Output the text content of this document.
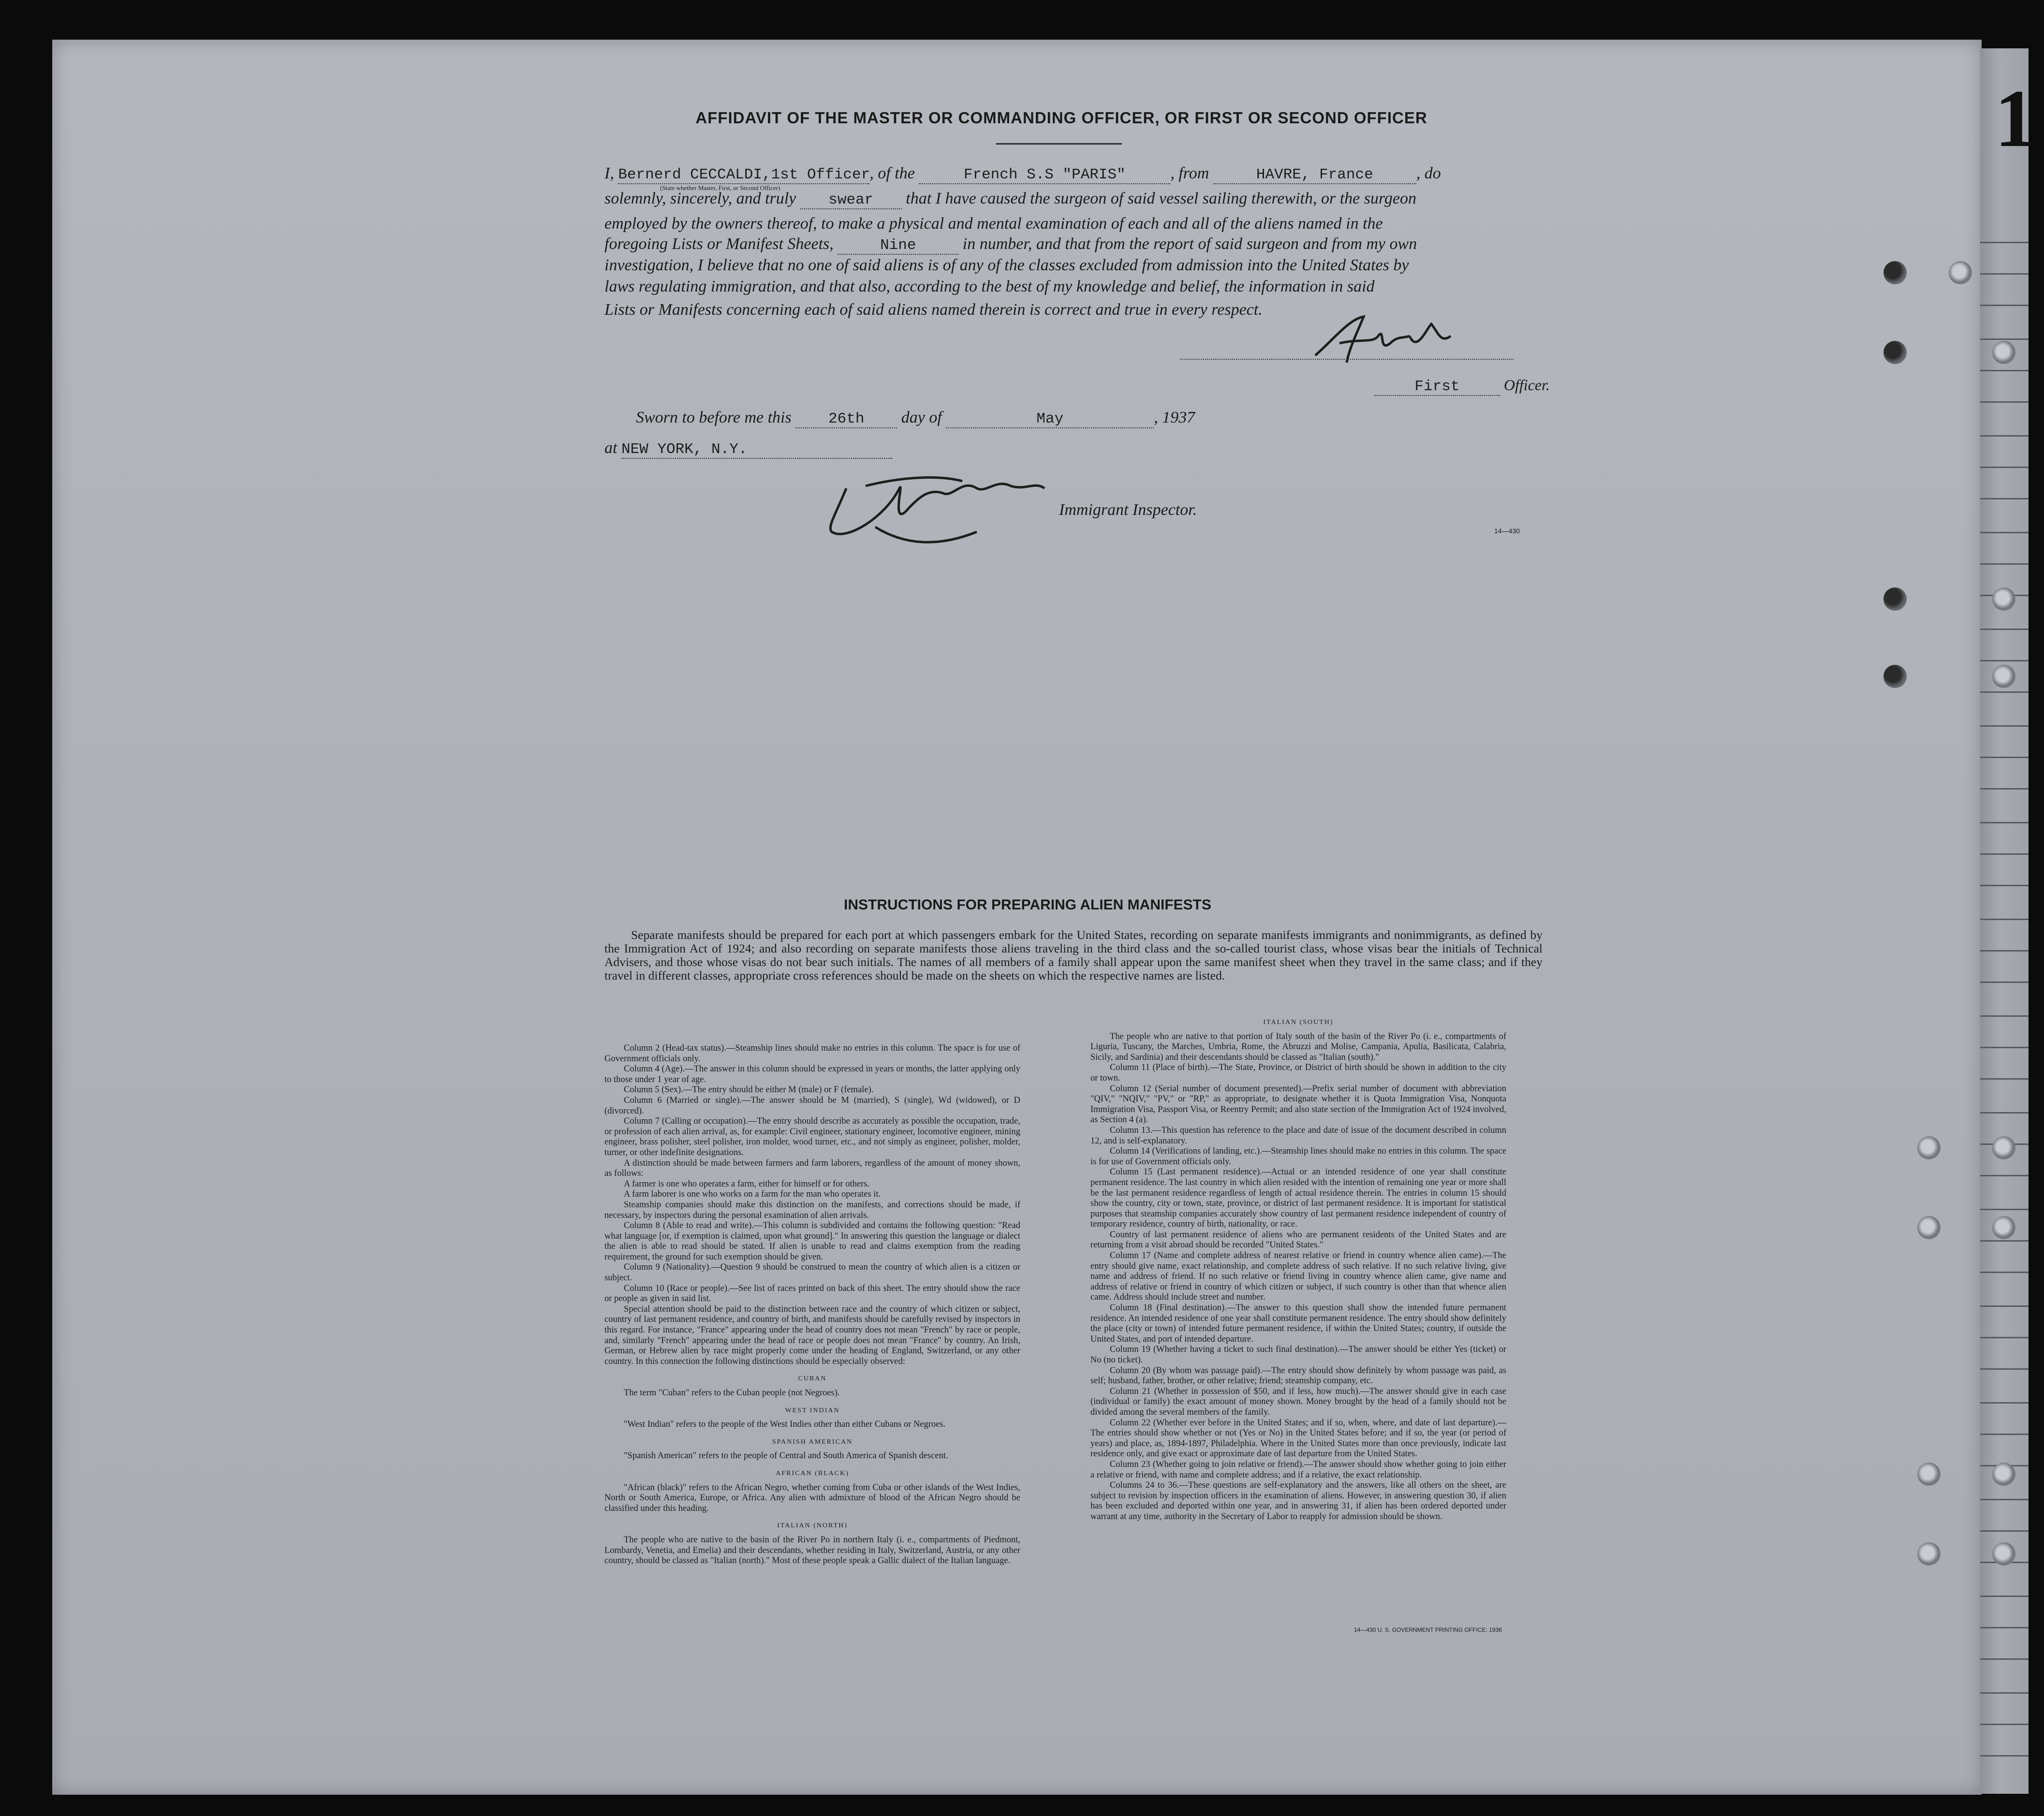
1
AFFIDAVIT OF THE MASTER OR COMMANDING OFFICER, OR FIRST OR SECOND OFFICER
I, Bernerd CECCALDI,1st Officer, of the	French S.S "PARIS"	, from	HAVRE, France	, do
(State whether Master, First, or Second Officer)
solemnly, sincerely, and truly swear that I have caused the surgeon of said vessel sailing therewith, or the surgeon
employed by the owners thereof, to make a physical and mental examination of each and all of the aliens named in the
foregoing Lists or Manifest Sheets,	Nine	in number, and that from the report of said surgeon and from my own
investigation, I believe that no one of said aliens is of any of the classes excluded from admission into the United States by
laws regulating immigration, and that also, according to the best of my knowledge and belief, the information in said
Lists or Manifests concerning each of said aliens named therein is correct and true in every respect.
First	Officer.
Sworn to before me this 26th day of	May	, 1937
at NEW YORK, N.Y.
Immigrant Inspector.
14—430
INSTRUCTIONS FOR PREPARING ALIEN MANIFESTS
Separate manifests should be prepared for each port at which passengers embark for the United States, recording on separate manifests immigrants and nonimmigrants, as defined by the Immigration Act of 1924; and also recording on separate manifests those aliens traveling in the third class and the so-called tourist class, whose visas bear the initials of Technical Advisers, and those whose visas do not bear such initials. The names of all members of a family shall appear upon the same manifest sheet when they travel in the same class; and if they travel in different classes, appropriate cross references should be made on the sheets on which the respective names are listed.

Column 2 (Head-tax status).—Steamship lines should make no entries in this column. The space is for use of Government officials only.

Column 4 (Age).—The answer in this column should be expressed in years or months, the latter applying only to those under 1 year of age.

Column 5 (Sex).—The entry should be either M (male) or F (female).

Column 6 (Married or single).—The answer should be M (married), S (single), Wd (widowed), or D (divorced).

Column 7 (Calling or occupation).—The entry should describe as accurately as possible the occupation, trade, or profession of each alien arrival, as, for example: Civil engineer, stationary engineer, locomotive engineer, mining engineer, brass polisher, steel polisher, iron molder, wood turner, etc., and not simply as engineer, polisher, molder, turner, or other indefinite designations.

A distinction should be made between farmers and farm laborers, regardless of the amount of money shown, as follows:

A farmer is one who operates a farm, either for himself or for others.

A farm laborer is one who works on a farm for the man who operates it.

Steamship companies should make this distinction on the manifests, and corrections should be made, if necessary, by inspectors during the personal examination of alien arrivals.

Column 8 (Able to read and write).—This column is subdivided and contains the following question: "Read what language [or, if exemption is claimed, upon what ground]." In answering this question the language or dialect the alien is able to read should be stated. If alien is unable to read and claims exemption from the reading requirement, the ground for such exemption should be given.

Column 9 (Nationality).—Question 9 should be construed to mean the country of which alien is a citizen or subject.

Column 10 (Race or people).—See list of races printed on back of this sheet. The entry should show the race or people as given in said list.

Special attention should be paid to the distinction between race and the country of which citizen or subject, country of last permanent residence, and country of birth, and manifests should be carefully revised by inspectors in this regard. For instance, "France" appearing under the head of country does not mean "French" by race or people, and, similarly "French" appearing under the head of race or people does not mean "France" by country. An Irish, German, or Hebrew alien by race might properly come under the heading of England, Switzerland, or any other country. In this connection the following distinctions should be especially observed:

CUBAN

The term "Cuban" refers to the Cuban people (not Negroes).

WEST INDIAN

"West Indian" refers to the people of the West Indies other than either Cubans or Negroes.

SPANISH AMERICAN

"Spanish American" refers to the people of Central and South America of Spanish descent.

AFRICAN (BLACK)

"African (black)" refers to the African Negro, whether coming from Cuba or other islands of the West Indies, North or South America, Europe, or Africa. Any alien with admixture of blood of the African Negro should be classified under this heading.

ITALIAN (NORTH)

The people who are native to the basin of the River Po in northern Italy (i. e., compartments of Piedmont, Lombardy, Venetia, and Emelia) and their descendants, whether residing in Italy, Switzerland, Austria, or any other country, should be classed as "Italian (north)." Most of these people speak a Gallic dialect of the Italian language.

ITALIAN (SOUTH)

The people who are native to that portion of Italy south of the basin of the River Po (i. e., compartments of Liguria, Tuscany, the Marches, Umbria, Rome, the Abruzzi and Molise, Campania, Apulia, Basilicata, Calabria, Sicily, and Sardinia) and their descendants should be classed as "Italian (south)."

Column 11 (Place of birth).—The State, Province, or District of birth should be shown in addition to the city or town.

Column 12 (Serial number of document presented).—Prefix serial number of document with abbreviation "QIV," "NQIV," "PV," or "RP," as appropriate, to designate whether it is Quota Immigration Visa, Nonquota Immigration Visa, Passport Visa, or Reentry Permit; and also state section of the Immigration Act of 1924 involved, as Section 4 (a).

Column 13.—This question has reference to the place and date of issue of the document described in column 12, and is self-explanatory.

Column 14 (Verifications of landing, etc.).—Steamship lines should make no entries in this column. The space is for use of Government officials only.

Column 15 (Last permanent residence).—Actual or an intended residence of one year shall constitute permanent residence. The last country in which alien resided with the intention of remaining one year or more shall be the last permanent residence regardless of length of actual residence therein. The entries in column 15 should show the country, city or town, state, province, or district of last permanent residence. It is important for statistical purposes that steamship companies accurately show country of last permanent residence independent of country of temporary residence, country of birth, nationality, or race.

Country of last permanent residence of aliens who are permanent residents of the United States and are returning from a visit abroad should be recorded "United States."

Column 17 (Name and complete address of nearest relative or friend in country whence alien came).—The entry should give name, exact relationship, and complete address of such relative. If no such relative living, give name and address of friend. If no such relative or friend living in country whence alien came, give name and address of relative or friend in country of which citizen or subject, if such country is other than that whence alien came. Address should include street and number.

Column 18 (Final destination).—The answer to this question shall show the intended future permanent residence. An intended residence of one year shall constitute permanent residence. The entry should show definitely the place (city or town) of intended future permanent residence, if within the United States; country, if outside the United States, and port of intended departure.

Column 19 (Whether having a ticket to such final destination).—The answer should be either Yes (ticket) or No (no ticket).

Column 20 (By whom was passage paid).—The entry should show definitely by whom passage was paid, as self; husband, father, brother, or other relative; friend; steamship company, etc.

Column 21 (Whether in possession of $50, and if less, how much).—The answer should give in each case (individual or family) the exact amount of money shown. Money brought by the head of a family should not be divided among the several members of the family.

Column 22 (Whether ever before in the United States; and if so, when, where, and date of last departure).—The entries should show whether or not (Yes or No) in the United States before; and if so, the year (or period of years) and place, as, 1894-1897, Philadelphia. Where in the United States more than once previously, indicate last residence only, and give exact or approximate date of last departure from the United States.

Column 23 (Whether going to join relative or friend).—The answer should show whether going to join either a relative or friend, with name and complete address; and if a relative, the exact relationship.

Columns 24 to 36.—These questions are self-explanatory and the answers, like all others on the sheet, are subject to revision by inspection officers in the examination of aliens. However, in answering question 30, if alien has been excluded and deported within one year, and in answering 31, if alien has been ordered deported under warrant at any time, authority in the Secretary of Labor to reapply for admission should be shown.

14—430 U. S. GOVERNMENT PRINTING OFFICE: 1936
